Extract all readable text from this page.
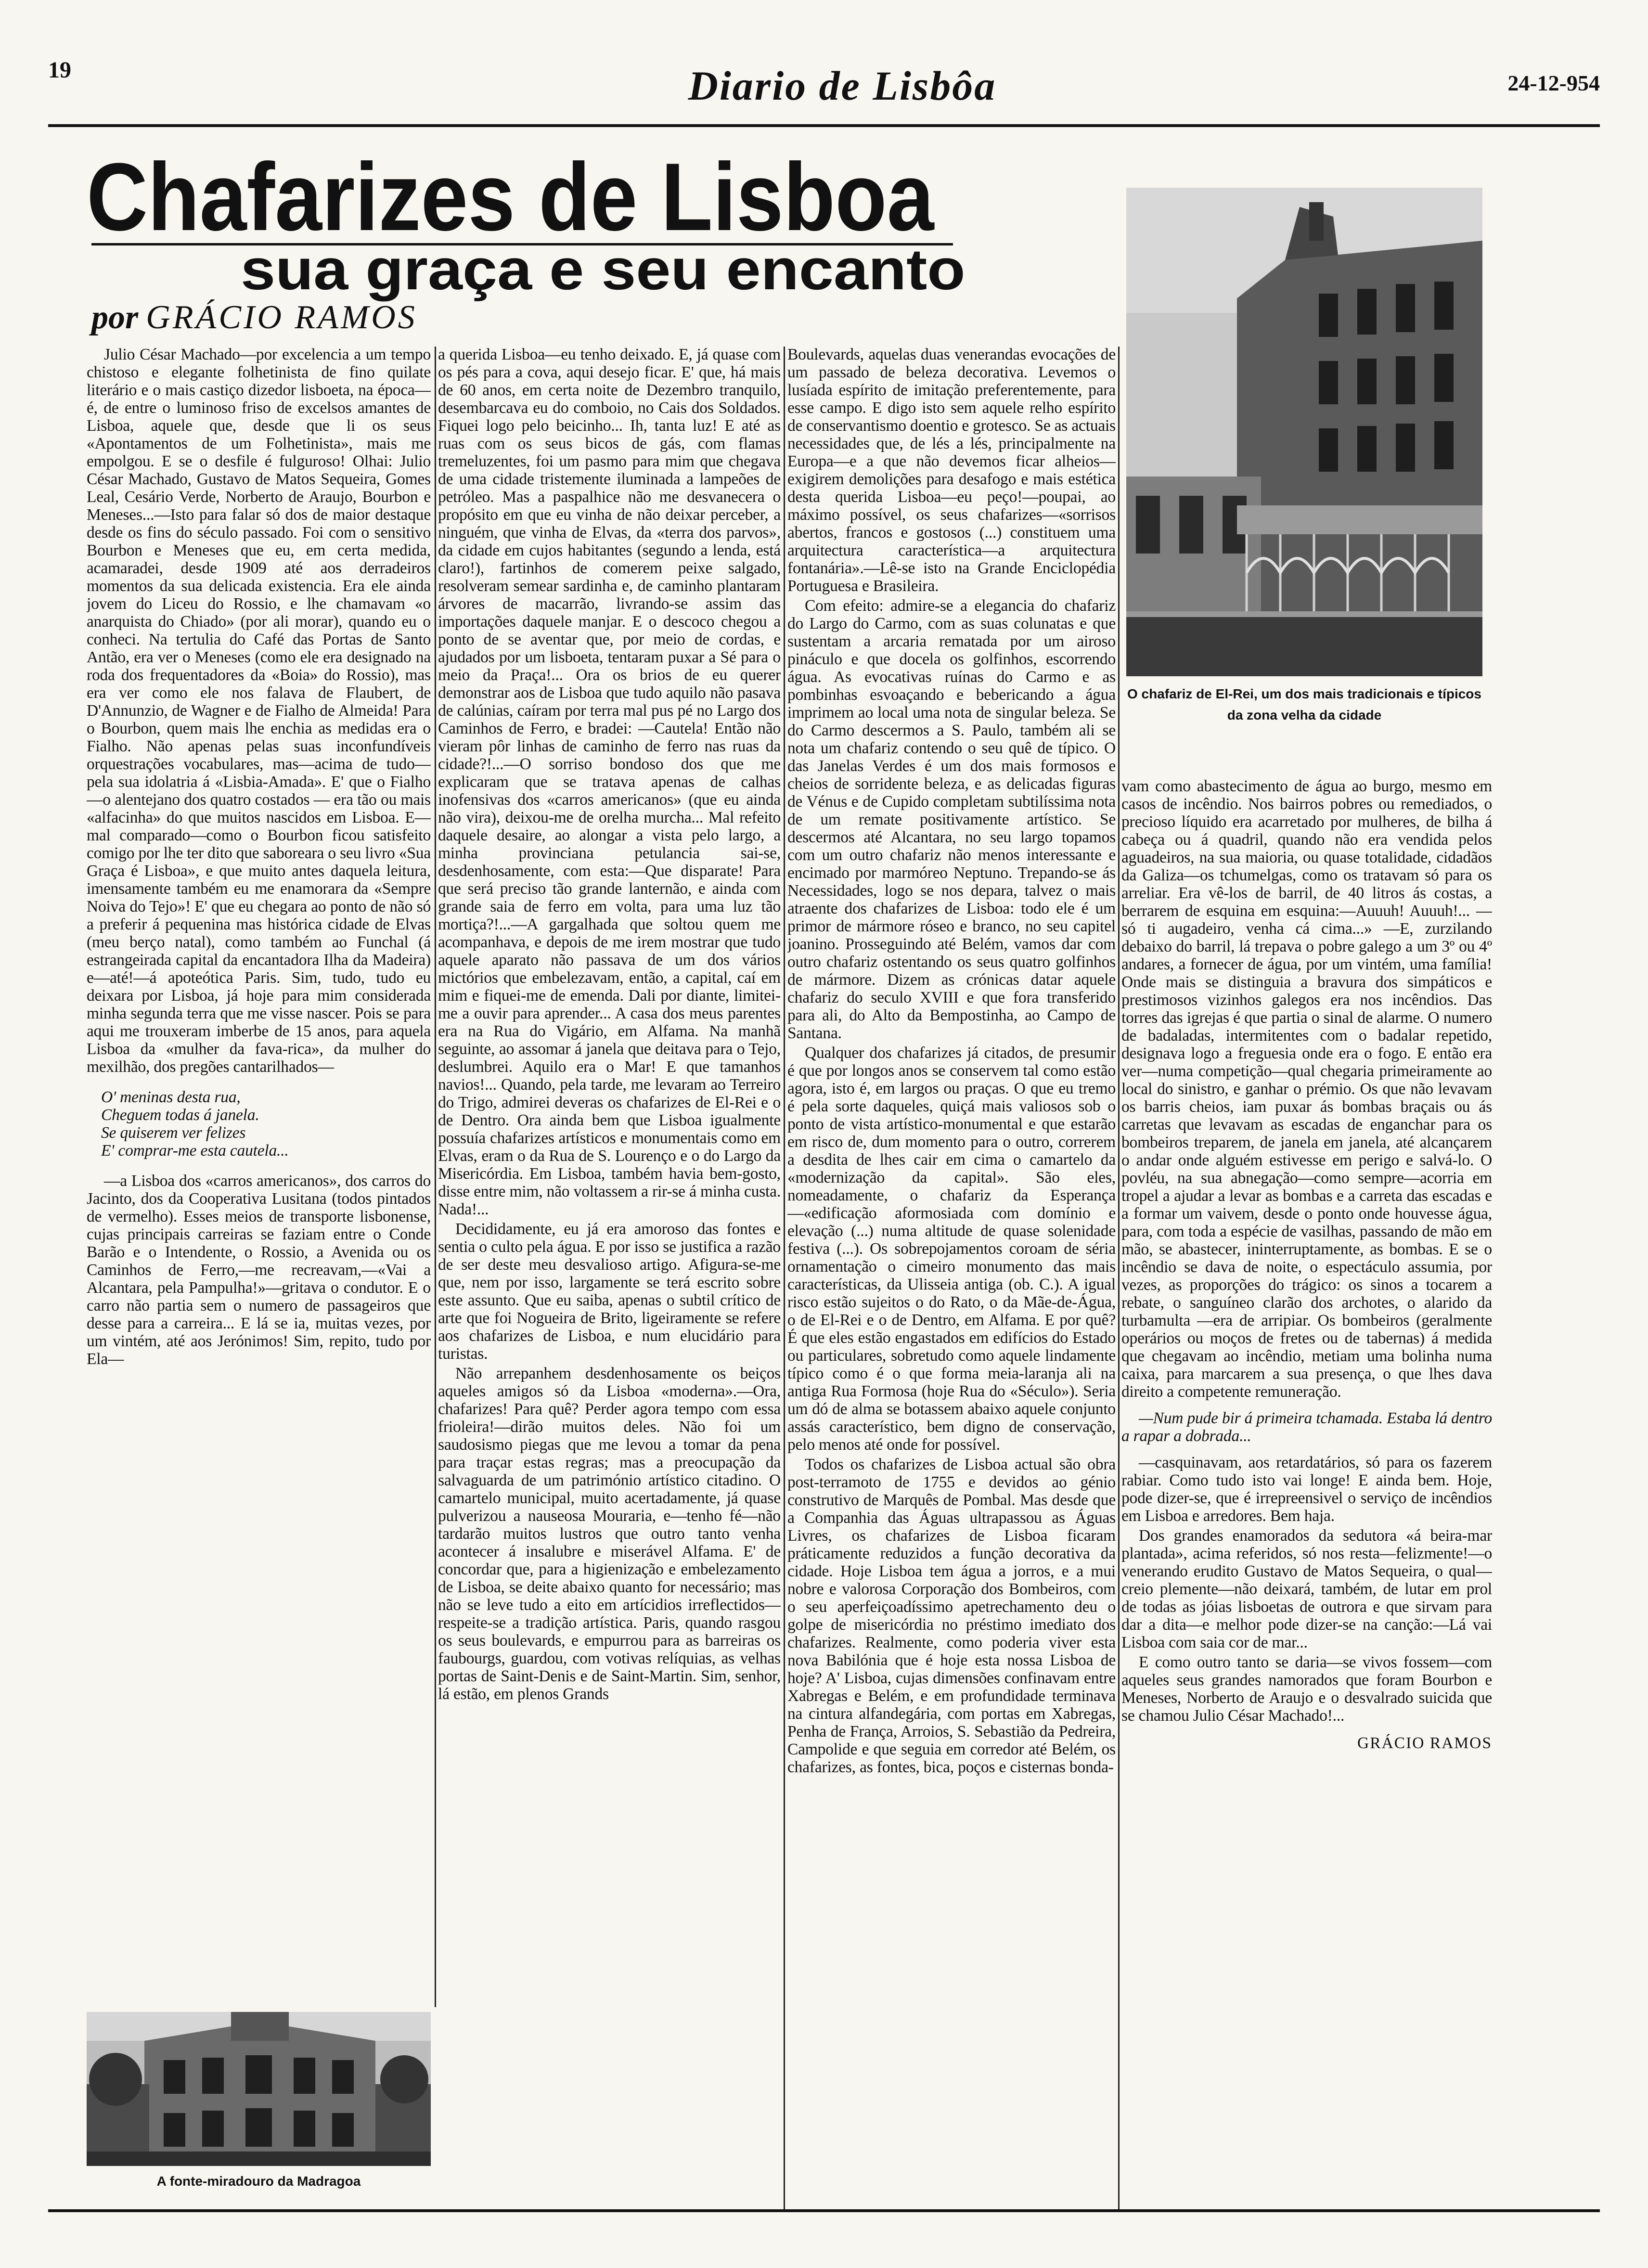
19	Diario de Lisbôa	24-12-954
Chafarizes de Lisboa
sua graça e seu encanto
por GRÁCIO RAMOS

Julio César Machado—por excelencia a um tempo chistoso e elegante folhetinista de fino quilate literário e o mais castiço dizedor lisboeta, na época—é, de entre o luminoso friso de excelsos amantes de Lisboa, aquele que, desde que li os seus «Apontamentos de um Folhetinista», mais me empolgou. E se o desfile é fulguroso! Olhai: Julio César Machado, Gustavo de Matos Sequeira, Gomes Leal, Cesário Verde, Norberto de Araujo, Bourbon e Meneses...—Isto para falar só dos de maior destaque desde os fins do século passado. Foi com o sensitivo Bourbon e Meneses que eu, em certa medida, acamaradei, desde 1909 até aos derradeiros momentos da sua delicada existencia. Era ele ainda jovem do Liceu do Rossio, e lhe chamavam «o anarquista do Chiado» (por ali morar), quando eu o conheci. Na tertulia do Café das Portas de Santo Antão, era ver o Meneses (como ele era designado na roda dos frequentadores da «Boia» do Rossio), mas era ver como ele nos falava de Flaubert, de D'Annunzio, de Wagner e de Fialho de Almeida! Para o Bourbon, quem mais lhe enchia as medidas era o Fialho. Não apenas pelas suas inconfundíveis orquestrações vocabulares, mas—acima de tudo—pela sua idolatria á «Lisbia-Amada». E' que o Fialho—o alentejano dos quatro costados — era tão ou mais «alfacinha» do que muitos nascidos em Lisboa. E—mal comparado—como o Bourbon ficou satisfeito comigo por lhe ter dito que saboreara o seu livro «Sua Graça é Lisboa», e que muito antes daquela leitura, imensamente também eu me enamorara da «Sempre Noiva do Tejo»! E' que eu chegara ao ponto de não só a preferir á pequenina mas histórica cidade de Elvas (meu berço natal), como também ao Funchal (á estrangeirada capital da encantadora Ilha da Madeira) e—até!—á apoteótica Paris. Sim, tudo, tudo eu deixara por Lisboa, já hoje para mim considerada minha segunda terra que me visse nascer. Pois se para aqui me trouxeram imberbe de 15 anos, para aquela Lisboa da «mulher da fava-rica», da mulher do mexilhão, dos pregões cantarilhados—

O' meninas desta rua,
Cheguem todas á janela.
Se quiserem ver felizes
E' comprar-me esta cautela...

—a Lisboa dos «carros americanos», dos carros do Jacinto, dos da Cooperativa Lusitana (todos pintados de vermelho). Esses meios de transporte lisbonense, cujas principais carreiras se faziam entre o Conde Barão e o Intendente, o Rossio, a Avenida ou os Caminhos de Ferro,—me recreavam,—«Vai a Alcantara, pela Pampulha!»—gritava o condutor. E o carro não partia sem o numero de passageiros que desse para a carreira... E lá se ia, muitas vezes, por um vintém, até aos Jerónimos! Sim, repito, tudo por Ela—

a querida Lisboa—eu tenho deixado. E, já quase com os pés para a cova, aqui desejo ficar. E' que, há mais de 60 anos, em certa noite de Dezembro tranquilo, desembarcava eu do comboio, no Cais dos Soldados. Fiquei logo pelo beicinho... Ih, tanta luz! E até as ruas com os seus bicos de gás, com flamas tremeluzentes, foi um pasmo para mim que chegava de uma cidade tristemente iluminada a lampeões de petróleo. Mas a paspalhice não me desvanecera o propósito em que eu vinha de não deixar perceber, a ninguém, que vinha de Elvas, da «terra dos parvos», da cidade em cujos habitantes (segundo a lenda, está claro!), fartinhos de comerem peixe salgado, resolveram semear sardinha e, de caminho plantaram árvores de macarrão, livrando-se assim das importações daquele manjar. E o descoco chegou a ponto de se aventar que, por meio de cordas, e ajudados por um lisboeta, tentaram puxar a Sé para o meio da Praça!... Ora os brios de eu querer demonstrar aos de Lisboa que tudo aquilo não pasava de calúnias, caíram por terra mal pus pé no Largo dos Caminhos de Ferro, e bradei: —Cautela! Então não vieram pôr linhas de caminho de ferro nas ruas da cidade?!...—O sorriso bondoso dos que me explicaram que se tratava apenas de calhas inofensivas dos «carros americanos» (que eu ainda não vira), deixou-me de orelha murcha... Mal refeito daquele desaire, ao alongar a vista pelo largo, a minha provinciana petulancia sai-se, desdenhosamente, com esta:—Que disparate! Para que será preciso tão grande lanternão, e ainda com grande saia de ferro em volta, para uma luz tão mortiça?!...—A gargalhada que soltou quem me acompanhava, e depois de me irem mostrar que tudo aquele aparato não passava de um dos vários mictórios que embelezavam, então, a capital, caí em mim e fiquei-me de emenda. Dali por diante, limitei-me a ouvir para aprender... A casa dos meus parentes era na Rua do Vigário, em Alfama. Na manhã seguinte, ao assomar á janela que deitava para o Tejo, deslumbrei. Aquilo era o Mar! E que tamanhos navios!... Quando, pela tarde, me levaram ao Terreiro do Trigo, admirei deveras os chafarizes de El-Rei e o de Dentro. Ora ainda bem que Lisboa igualmente possuía chafarizes artísticos e monumentais como em Elvas, eram o da Rua de S. Lourenço e o do Largo da Misericórdia. Em Lisboa, também havia bem-gosto, disse entre mim, não voltassem a rir-se á minha custa. Nada!...

Decididamente, eu já era amoroso das fontes e sentia o culto pela água. E por isso se justifica a razão de ser deste meu desvalioso artigo. Afigura-se-me que, nem por isso, largamente se terá escrito sobre este assunto. Que eu saiba, apenas o subtil crítico de arte que foi Nogueira de Brito, ligeiramente se refere aos chafarizes de Lisboa, e num elucidário para turistas.

Não arrepanhem desdenhosamente os beiços aqueles amigos só da Lisboa «moderna».—Ora, chafarizes! Para quê? Perder agora tempo com essa frioleira!—dirão muitos deles. Não foi um saudosismo piegas que me levou a tomar da pena para traçar estas regras; mas a preocupação da salvaguarda de um património artístico citadino. O camartelo municipal, muito acertadamente, já quase pulverizou a nauseosa Mouraria, e—tenho fé—não tardarão muitos lustros que outro tanto venha acontecer á insalubre e miserável Alfama. E' de concordar que, para a higienização e embelezamento de Lisboa, se deite abaixo quanto for necessário; mas não se leve tudo a eito em artícidios irreflectidos—respeite-se a tradição artística. Paris, quando rasgou os seus boulevards, e empurrou para as barreiras os faubourgs, guardou, com votivas relíquias, as velhas portas de Saint-Denis e de Saint-Martin. Sim, senhor, lá estão, em plenos Grands

Boulevards, aquelas duas venerandas evocações de um passado de beleza decorativa. Levemos o lusíada espírito de imitação preferentemente, para esse campo. E digo isto sem aquele relho espírito de conservantismo doentio e grotesco. Se as actuais necessidades que, de lés a lés, principalmente na Europa—e a que não devemos ficar alheios—exigirem demolições para desafogo e mais estética desta querida Lisboa—eu peço!—poupai, ao máximo possível, os seus chafarizes—«sorrisos abertos, francos e gostosos (...) constituem uma arquitectura característica—a arquitectura fontanária».—Lê-se isto na Grande Enciclopédia Portuguesa e Brasileira.

Com efeito: admire-se a elegancia do chafariz do Largo do Carmo, com as suas colunatas e que sustentam a arcaria rematada por um airoso pináculo e que docela os golfinhos, escorrendo água. As evocativas ruínas do Carmo e as pombinhas esvoaçando e bebericando a água imprimem ao local uma nota de singular beleza. Se do Carmo descermos a S. Paulo, também ali se nota um chafariz contendo o seu quê de típico. O das Janelas Verdes é um dos mais formosos e cheios de sorridente beleza, e as delicadas figuras de Vénus e de Cupido completam subtilíssima nota de um remate positivamente artístico. Se descermos até Alcantara, no seu largo topamos com um outro chafariz não menos interessante e encimado por marmóreo Neptuno. Trepando-se ás Necessidades, logo se nos depara, talvez o mais atraente dos chafarizes de Lisboa: todo ele é um primor de mármore róseo e branco, no seu capitel joanino. Prosseguindo até Belém, vamos dar com outro chafariz ostentando os seus quatro golfinhos de mármore. Dizem as crónicas datar aquele chafariz do seculo XVIII e que fora transferido para ali, do Alto da Bempostinha, ao Campo de Santana.

Qualquer dos chafarizes já citados, de presumir é que por longos anos se conservem tal como estão agora, isto é, em largos ou praças. O que eu tremo é pela sorte daqueles, quiçá mais valiosos sob o ponto de vista artístico-monumental e que estarão em risco de, dum momento para o outro, correrem a desdita de lhes cair em cima o camartelo da «modernização da capital». São eles, nomeadamente, o chafariz da Esperança—«edificação aformosiada com domínio e elevação (...) numa altitude de quase solenidade festiva (...). Os sobrepojamentos coroam de séria ornamentação o cimeiro monumento das mais características, da Ulisseia antiga (ob. C.). A igual risco estão sujeitos o do Rato, o da Mãe-de-Água, o de El-Rei e o de Dentro, em Alfama. E por quê? É que eles estão engastados em edifícios do Estado ou particulares, sobretudo como aquele lindamente típico como é o que forma meia-laranja ali na antiga Rua Formosa (hoje Rua do «Século»). Seria um dó de alma se botassem abaixo aquele conjunto assás característico, bem digno de conservação, pelo menos até onde for possível.

Todos os chafarizes de Lisboa actual são obra post-terramoto de 1755 e devidos ao génio construtivo de Marquês de Pombal. Mas desde que a Companhia das Águas ultrapassou as Águas Livres, os chafarizes de Lisboa ficaram práticamente reduzidos a função decorativa da cidade. Hoje Lisboa tem água a jorros, e a mui nobre e valorosa Corporação dos Bombeiros, com o seu aperfeiçoadíssimo apetrechamento deu o golpe de misericórdia no préstimo imediato dos chafarizes. Realmente, como poderia viver esta nova Babilónia que é hoje esta nossa Lisboa de hoje? A' Lisboa, cujas dimensões confinavam entre Xabregas e Belém, e em profundidade terminava na cintura alfandegária, com portas em Xabregas, Penha de França, Arroios, S. Sebastião da Pedreira, Campolide e que seguia em corredor até Belém, os chafarizes, as fontes, bica, poços e cisternas bonda-

vam como abastecimento de água ao burgo, mesmo em casos de incêndio. Nos bairros pobres ou remediados, o precioso líquido era acarretado por mulheres, de bilha á cabeça ou á quadril, quando não era vendida pelos aguadeiros, na sua maioria, ou quase totalidade, cidadãos da Galiza—os tchumelgas, como os tratavam só para os arreliar. Era vê-los de barril, de 40 litros ás costas, a berrarem de esquina em esquina:—Auuuh! Auuuh!... —só ti augadeiro, venha cá cima...» —E, zurzilando debaixo do barril, lá trepava o pobre galego a um 3º ou 4º andares, a fornecer de água, por um vintém, uma família! Onde mais se distinguia a bravura dos simpáticos e prestimosos vizinhos galegos era nos incêndios. Das torres das igrejas é que partia o sinal de alarme. O numero de badaladas, intermitentes com o badalar repetido, designava logo a freguesia onde era o fogo. E então era ver—numa competição—qual chegaria primeiramente ao local do sinistro, e ganhar o prémio. Os que não levavam os barris cheios, iam puxar ás bombas braçais ou ás carretas que levavam as escadas de enganchar para os bombeiros treparem, de janela em janela, até alcançarem o andar onde alguém estivesse em perigo e salvá-lo. O povléu, na sua abnegação—como sempre—acorria em tropel a ajudar a levar as bombas e a carreta das escadas e a formar um vaivem, desde o ponto onde houvesse água, para, com toda a espécie de vasilhas, passando de mão em mão, se abastecer, ininterruptamente, as bombas. E se o incêndio se dava de noite, o espectáculo assumia, por vezes, as proporções do trágico: os sinos a tocarem a rebate, o sanguíneo clarão dos archotes, o alarido da turbamulta —era de arripiar. Os bombeiros (geralmente operários ou moços de fretes ou de tabernas) á medida que chegavam ao incêndio, metiam uma bolinha numa caixa, para marcarem a sua presença, o que lhes dava direito a competente remuneração.

—Num pude bir á primeira tchamada. Estaba lá dentro a rapar a dobrada...

—casquinavam, aos retardatários, só para os fazerem rabiar. Como tudo isto vai longe! E ainda bem. Hoje, pode dizer-se, que é irrepreensivel o serviço de incêndios em Lisboa e arredores. Bem haja.

Dos grandes enamorados da sedutora «á beira-mar plantada», acima referidos, só nos resta—felizmente!—o venerando erudito Gustavo de Matos Sequeira, o qual—creio plemente—não deixará, também, de lutar em prol de todas as jóias lisbоetas de outrora e que sirvam para dar a dita—e melhor pode dizer-se na canção:—Lá vai Lisboa com saia cor de mar...

E como outro tanto se daria—se vivos fossem—com aqueles seus grandes namorados que foram Bourbon e Meneses, Norberto de Araujo e o desvalrado suicida que se chamou Julio César Machado!...

GRÁCIO RAMOS
O chafariz de El-Rei, um dos mais tradicionais e típicos da zona velha da cidade
A fonte-miradouro da Madragoa
